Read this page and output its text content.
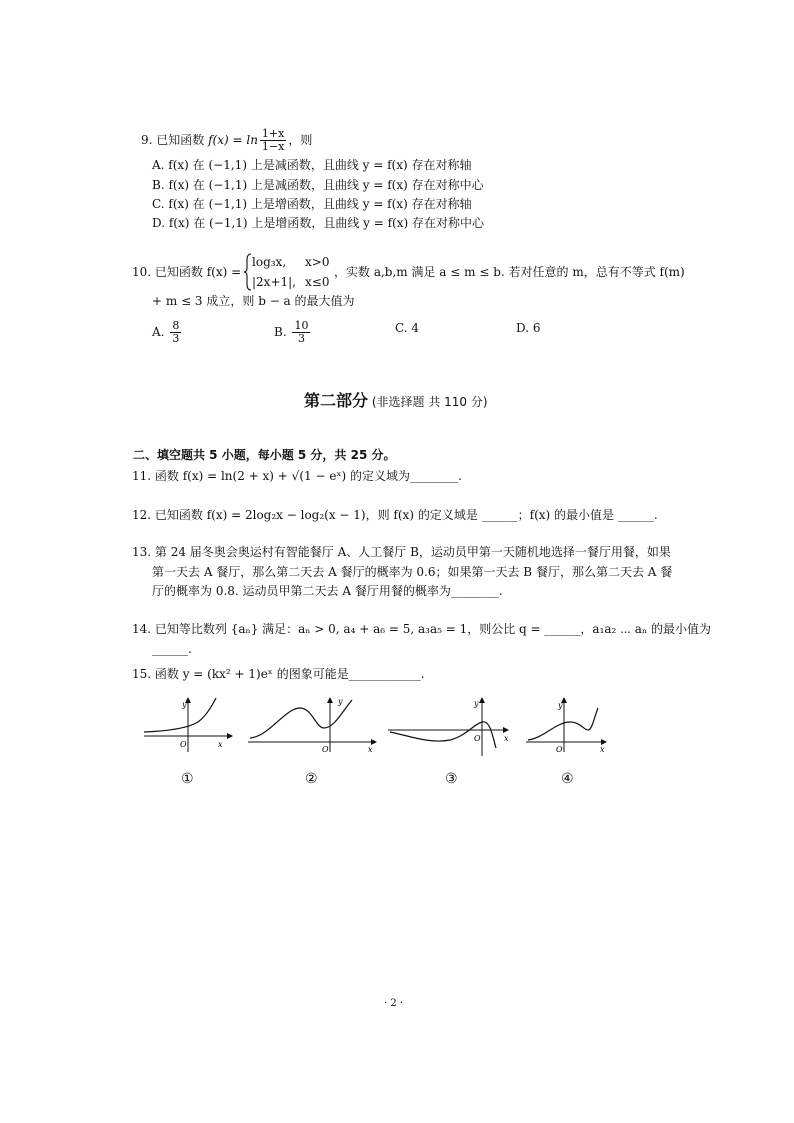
9. 已知函数 $f(x) = \ln \frac{1+x}{1-x}$ ，则
A. f(x) 在 (−1,1) 上是减函数，且曲线 y = f(x) 存在对称轴
B. f(x) 在 (−1,1) 上是减函数，且曲线 y = f(x) 存在对称中心
C. f(x) 在 (−1,1) 上是增函数，且曲线 y = f(x) 存在对称轴
D. f(x) 在 (−1,1) 上是增函数，且曲线 y = f(x) 存在对称中心
10. 已知函数 f(x) =
log₃x, x>0
|2x+1|, x≤0
，实数 a,b,m 满足 a ≤ m ≤ b. 若对任意的 m，总有不等式 f(m)
+ m ≤ 3 成立，则 b − a 的最大值为
A. $\frac{8}{3}$	B. $\frac{10}{3}$	C. 4	D. 6
第二部分 (非选择题 共 110 分)
二、填空题共 5 小题，每小题 5 分，共 25 分。
11. 函数 f(x) = ln(2 + x) + √(1 − eˣ) 的定义域为________.
12. 已知函数 f(x) = 2log₂x − log₂(x − 1)，则 f(x) 的定义域是 ______；f(x) 的最小值是 ______.
13. 第 24 届冬奥会奥运村有智能餐厅 A、人工餐厅 B，运动员甲第一天随机地选择一餐厅用餐，如果
第一天去 A 餐厅，那么第二天去 A 餐厅的概率为 0.6；如果第一天去 B 餐厅，那么第二天去 A 餐
厅的概率为 0.8. 运动员甲第二天去 A 餐厅用餐的概率为________.
14. 已知等比数列 {aₙ} 满足：aₙ > 0, a₄ + a₆ = 5, a₃a₅ = 1，则公比 q = ______，a₁a₂ ⋯ aₙ 的最小值为
______.
15. 函数 y = (kx² + 1)eˣ 的图象可能是____________.
y
x
O
y
x
O
y
x
O
y
x
O
①	②	③	④
· 2 ·
